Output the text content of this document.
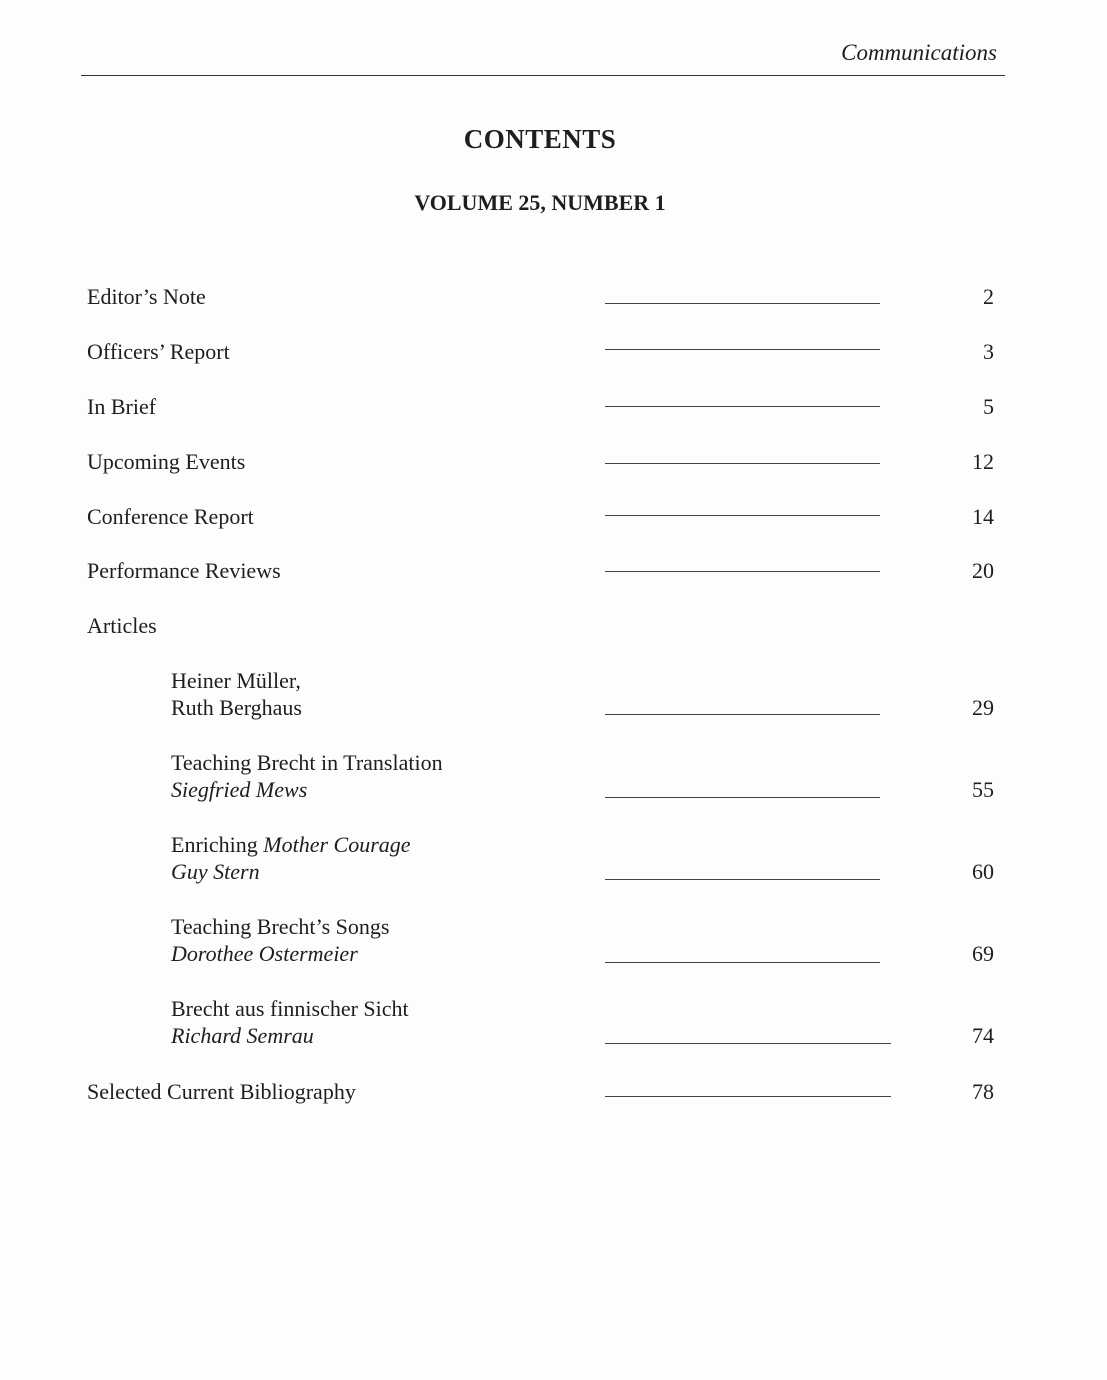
Communications
CONTENTS
VOLUME 25, NUMBER 1
Editor’s Note	2
Officers’ Report	3
In Brief	5
Upcoming Events	12
Conference Report	14
Performance Reviews	20
Articles
Heiner Müller,
Ruth Berghaus	29
Teaching Brecht in Translation
Siegfried Mews	55
Enriching Mother Courage
Guy Stern	60
Teaching Brecht’s Songs
Dorothee Ostermeier	69
Brecht aus finnischer Sicht
Richard Semrau	74
Selected Current Bibliography	78
